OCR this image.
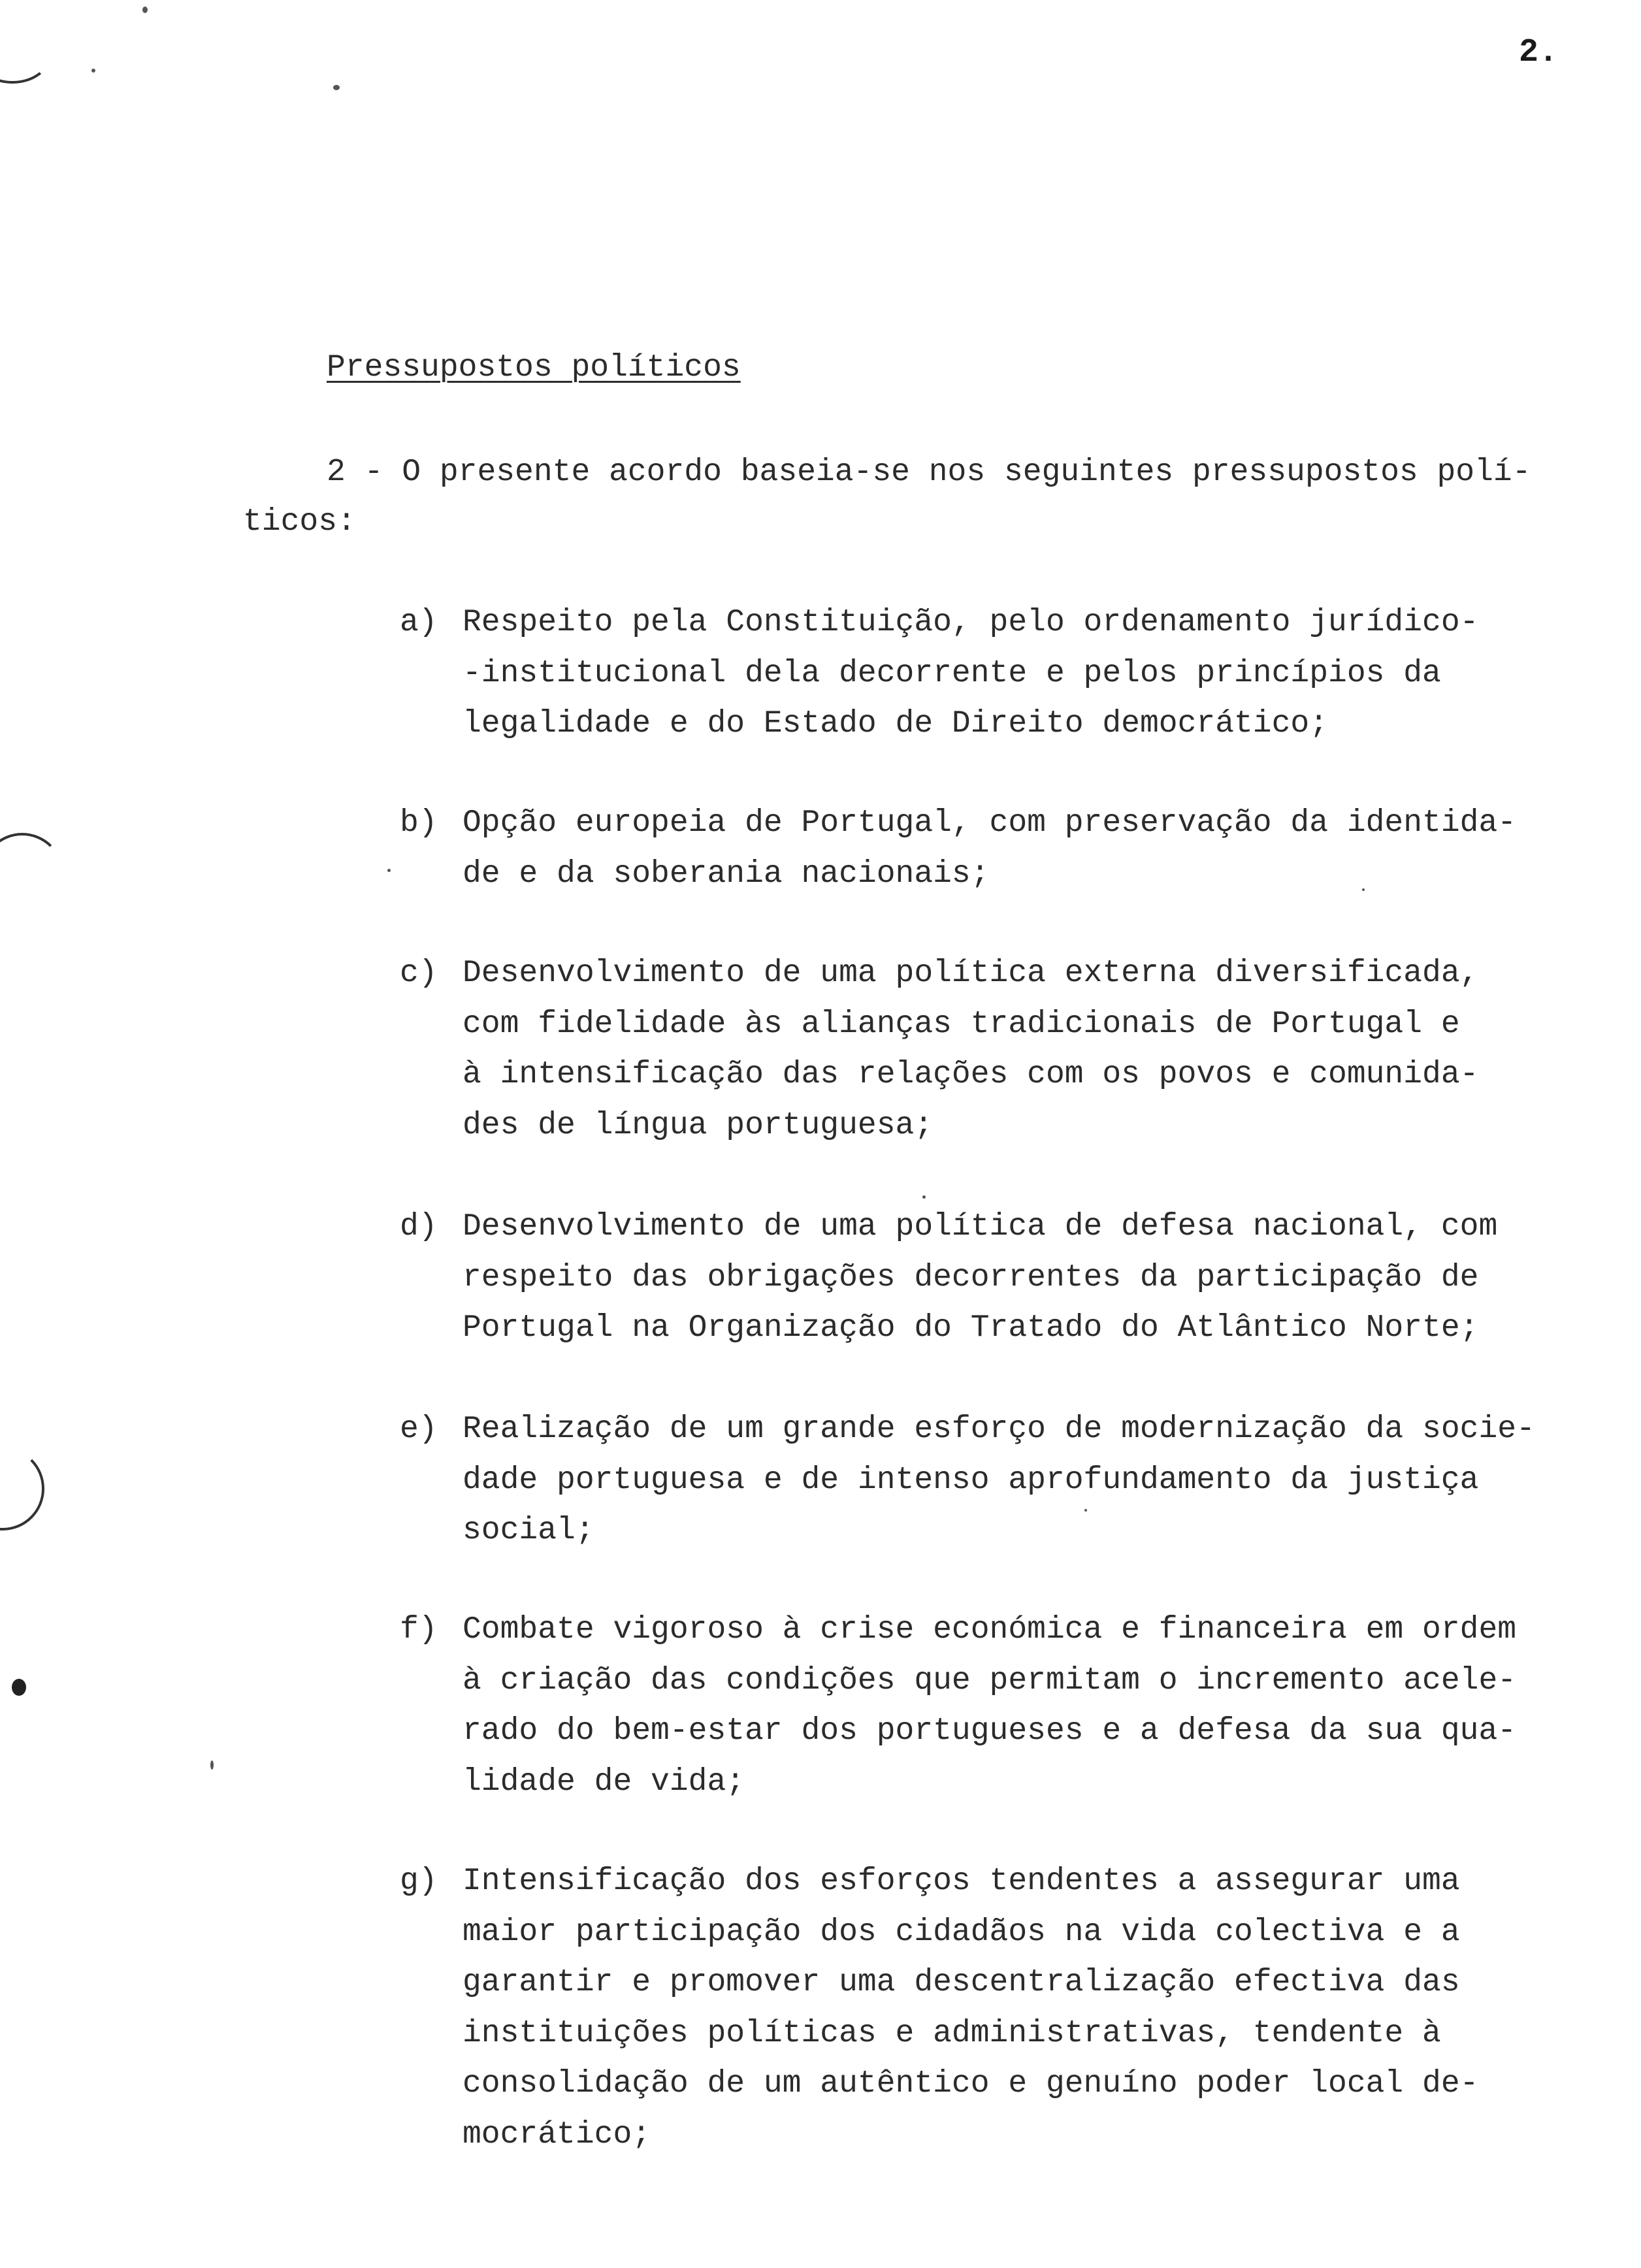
2.
Pressupostos políticos
2 - O presente acordo baseia-se nos seguintes pressupostos polí-
ticos:
a) Respeito pela Constituição, pelo ordenamento jurídico-
-institucional dela decorrente e pelos princípios da
legalidade e do Estado de Direito democrático;
b) Opção europeia de Portugal, com preservação da identida-
de e da soberania nacionais;
c) Desenvolvimento de uma política externa diversificada,
com fidelidade às alianças tradicionais de Portugal e
à intensificação das relações com os povos e comunida-
des de língua portuguesa;
d) Desenvolvimento de uma política de defesa nacional, com
respeito das obrigações decorrentes da participação de
Portugal na Organização do Tratado do Atlântico Norte;
e) Realização de um grande esforço de modernização da socie-
dade portuguesa e de intenso aprofundamento da justiça
social;
f) Combate vigoroso à crise económica e financeira em ordem
à criação das condições que permitam o incremento acele-
rado do bem-estar dos portugueses e a defesa da sua qua-
lidade de vida;
g) Intensificação dos esforços tendentes a assegurar uma
maior participação dos cidadãos na vida colectiva e a
garantir e promover uma descentralização efectiva das
instituições políticas e administrativas, tendente à
consolidação de um autêntico e genuíno poder local de-
mocrático;
